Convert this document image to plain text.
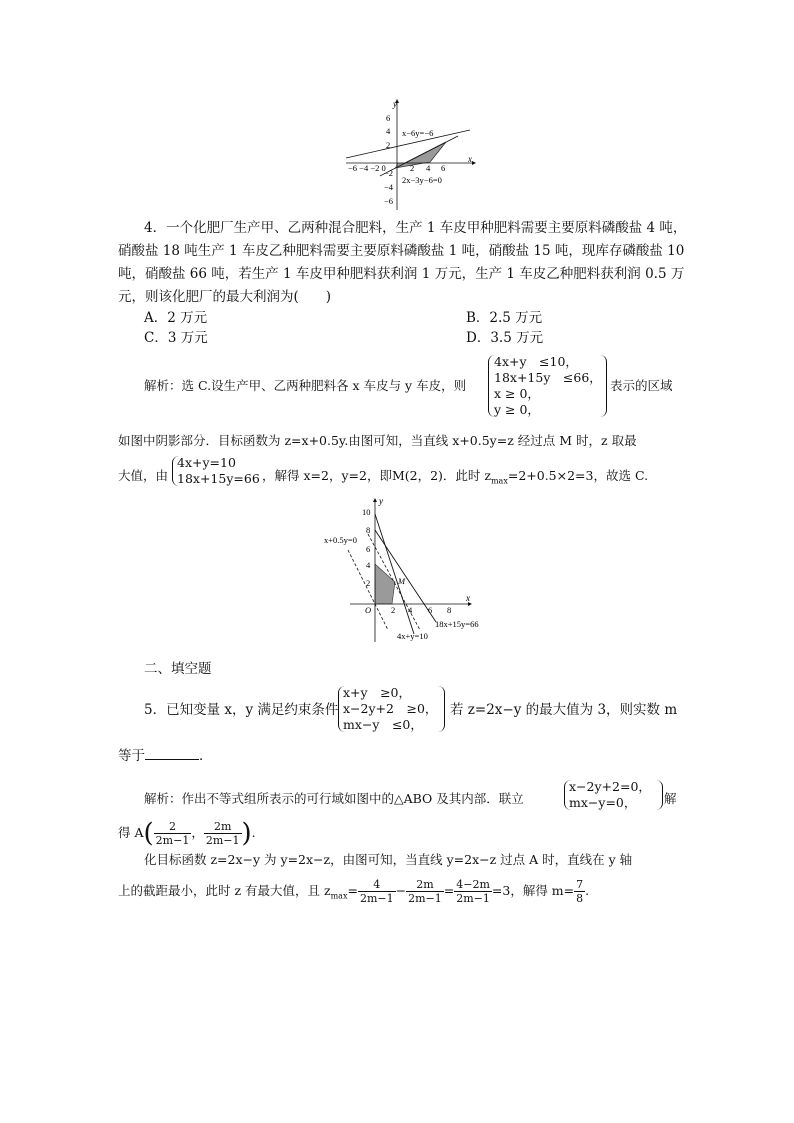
y
x
6
4
2
−2
−4
−6
−6 −4 −2 0	2 4 6
x−6y=−6
2x−3y−6=0
4．一个化肥厂生产甲、乙两种混合肥料，生产 1 车皮甲种肥料需要主要原料磷酸盐 4 吨，
硝酸盐 18 吨生产 1 车皮乙种肥料需要主要原料磷酸盐 1 吨，硝酸盐 15 吨，现库存磷酸盐 10
吨，硝酸盐 66 吨，若生产 1 车皮甲种肥料获利润 1 万元，生产 1 车皮乙种肥料获利润 0.5 万
元，则该化肥厂的最大利润为(　　)
A．2 万元	B．2.5 万元
C．3 万元	D．3.5 万元
解析：选 C.设生产甲、乙两种肥料各 x 车皮与 y 车皮，则
4x+y　≤10，
18x+15y　≤66，
x ≥ 0，
y ≥ 0，
表示的区域
如图中阴影部分．目标函数为 z=x+0.5y.由图可知，当直线 x+0.5y=z 经过点 M 时，z 取最
大值，由
4x+y=10
18x+15y=66 ，解得 x=2，y=2，即M(2，2)．此时 $z_{max}=2+0.5\times 2=3$，故选 C.
y
x
10
8
6
4
2
O 2 4 6 8
M
x+0.5y=0
18x+15y=66
4x+y=10
二、填空题
5．已知变量 x，y 满足约束条件
x+y　≥0，
x−2y+2　≥0，
mx−y　≤0，
若 z=2x−y 的最大值为 3，则实数 m
等于	．
解析：作出不等式组所表示的可行域如图中的△ABO 及其内部．联立
x−2y+2=0，
mx−y=0，	解
得 $A( \frac{2}{2m-1}$ ， $\frac{2m}{2m-1}$ ).
化目标函数 z=2x−y 为 y=2x−z，由图可知，当直线 y=2x−z 过点 A 时，直线在 y 轴
上的截距最小，此时 z 有最大值，且 $z_{max}= \frac{4}{2m-1} - \frac{2m}{2m-1} = \frac{4-2m}{2m-1} =3$，解得 $m= \frac{7}{8}$ .
